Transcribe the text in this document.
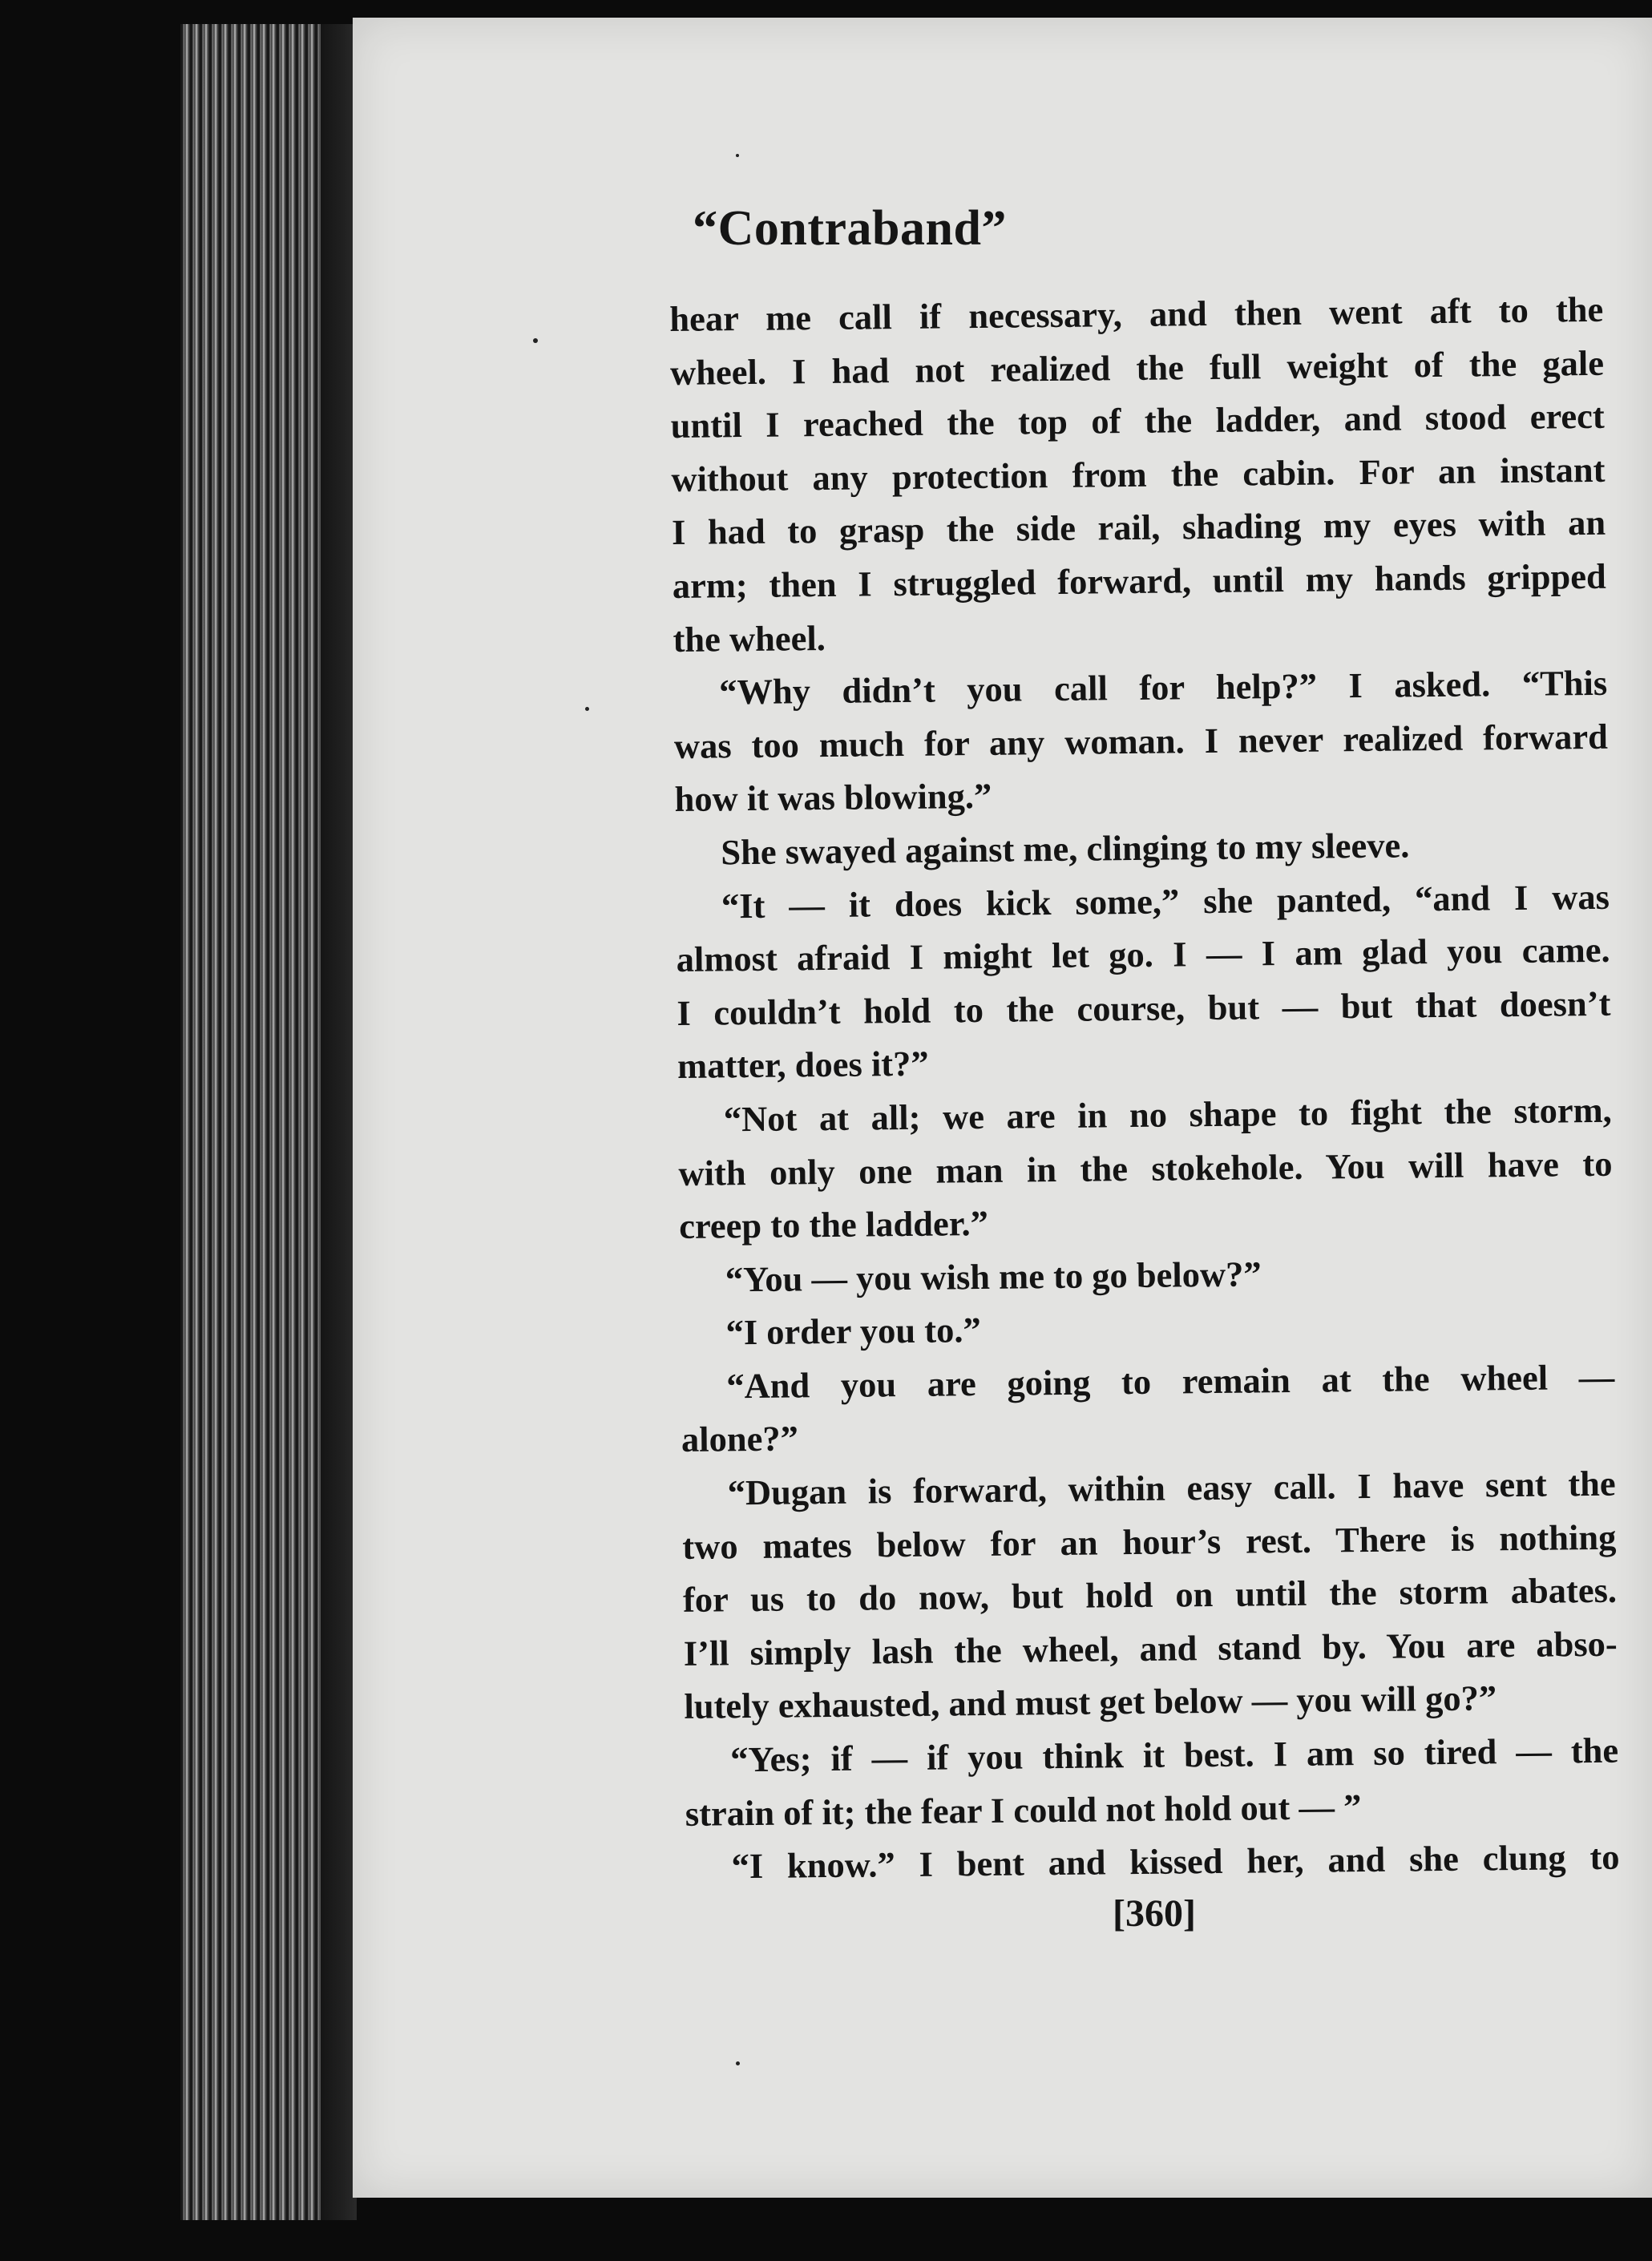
“Contraband”

hear me call if necessary, and then went aft to the

wheel. I had not realized the full weight of the gale

until I reached the top of the ladder, and stood erect

without any protection from the cabin. For an instant

I had to grasp the side rail, shading my eyes with an

arm; then I struggled forward, until my hands gripped

the wheel.

“Why didn’t you call for help?” I asked. “This

was too much for any woman. I never realized forward

how it was blowing.”

She swayed against me, clinging to my sleeve.

“It — it does kick some,” she panted, “and I was

almost afraid I might let go. I — I am glad you came.

I couldn’t hold to the course, but — but that doesn’t

matter, does it?”

“Not at all; we are in no shape to fight the storm,

with only one man in the stokehole. You will have to

creep to the ladder.”

“You — you wish me to go below?”

“I order you to.”

“And you are going to remain at the wheel —

alone?”

“Dugan is forward, within easy call. I have sent the

two mates below for an hour’s rest. There is nothing

for us to do now, but hold on until the storm abates.

I’ll simply lash the wheel, and stand by. You are abso-

lutely exhausted, and must get below — you will go?”

“Yes; if — if you think it best. I am so tired — the

strain of it; the fear I could not hold out — ”

“I know.” I bent and kissed her, and she clung to

[360]
